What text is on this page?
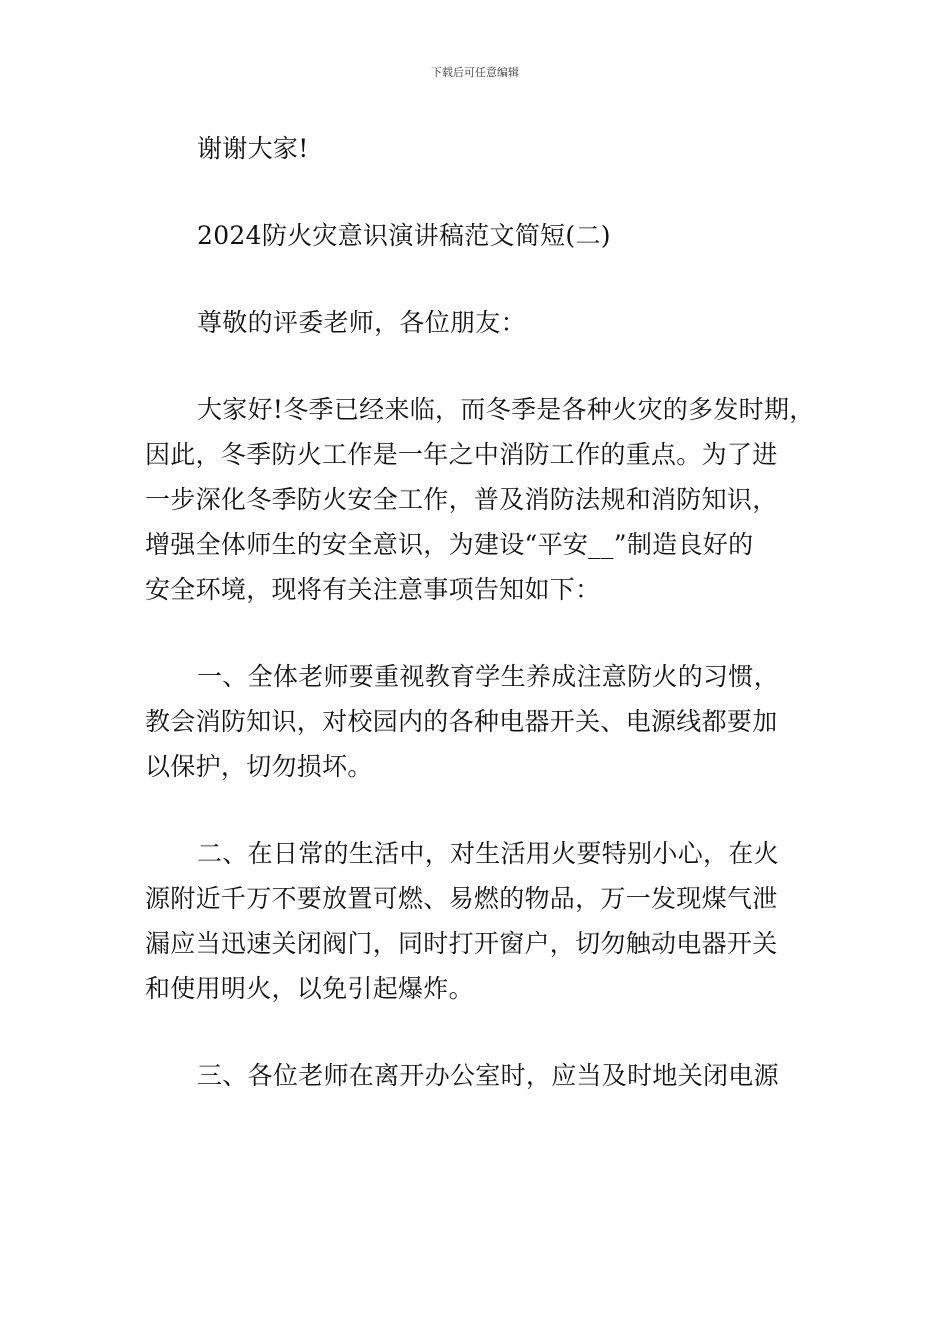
下载后可任意编辑
谢谢大家!
2024防火灾意识演讲稿范文简短(二)
尊敬的评委老师，各位朋友：
大家好!冬季已经来临，而冬季是各种火灾的多发时期，
因此，冬季防火工作是一年之中消防工作的重点。为了进
一步深化冬季防火安全工作，普及消防法规和消防知识，
增强全体师生的安全意识，为建设“平安__”制造良好的
安全环境，现将有关注意事项告知如下：
一、全体老师要重视教育学生养成注意防火的习惯，
教会消防知识，对校园内的各种电器开关、电源线都要加
以保护，切勿损坏。
二、在日常的生活中，对生活用火要特别小心，在火
源附近千万不要放置可燃、易燃的物品，万一发现煤气泄
漏应当迅速关闭阀门，同时打开窗户，切勿触动电器开关
和使用明火，以免引起爆炸。
三、各位老师在离开办公室时，应当及时地关闭电源
